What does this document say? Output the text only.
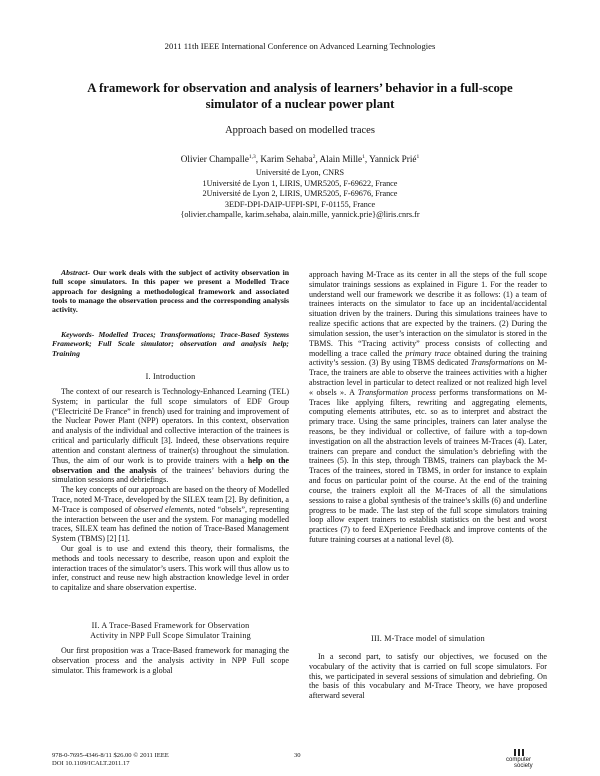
2011 11th IEEE International Conference on Advanced Learning Technologies
A framework for observation and analysis of learners’ behavior in a full-scope
simulator of a nuclear power plant
Approach based on modelled traces
Olivier Champalle$^{1,3}$, Karim Sehaba$^2$, Alain Mille$^1$, Yannick Prié$^1$
Université de Lyon, CNRS
1Université de Lyon 1, LIRIS, UMR5205, F-69622, France
2Université de Lyon 2, LIRIS, UMR5205, F-69676, France
3EDF-DPI-DAIP-UFPI-SPI, F-01155, France
{olivier.champalle, karim.sehaba, alain.mille, yannick.prie}@liris.cnrs.fr

Abstract- Our work deals with the subject of activity observation in full scope simulators. In this paper we present a Modelled Trace approach for designing a methodological framework and associated tools to manage the observation process and the corresponding analysis activity.

Keywords- Modelled Traces; Transformations; Trace-Based Systems Framework; Full Scale simulator; observation and analysis help; Training

I. Introduction

The context of our research is Technology-Enhanced Learning (TEL) System; in particular the full scope simulators of EDF Group (“Electricité De France” in french) used for training and improvement of the Nuclear Power Plant (NPP) operators. In this context, observation and analysis of the individual and collective interaction of the trainees is critical and particularly difficult [3]. Indeed, these observations require attention and constant alertness of trainer(s) throughout the simulation. Thus, the aim of our work is to provide trainers with a help on the observation and the analysis of the trainees’ behaviors during the simulation sessions and debriefings.

The key concepts of our approach are based on the theory of Modelled Trace, noted M-Trace, developed by the SILEX team [2]. By definition, a M-Trace is composed of observed elements, noted “obsels”, representing the interaction between the user and the system. For managing modelled traces, SILEX team has defined the notion of Trace-Based Management System (TBMS) [2] [1].

Our goal is to use and extend this theory, their formalisms, the methods and tools necessary to describe, reason upon and exploit the interaction traces of the simulator’s users. This work will thus allow us to infer, construct and reuse new high abstraction knowledge level in order to capitalize and share observation expertise.

II. A Trace-Based Framework for Observation
Activity in NPP Full Scope Simulator Training

Our first proposition was a Trace-Based framework for managing the observation process and the analysis activity in NPP Full scope simulator. This framework is a global

approach having M-Trace as its center in all the steps of the full scope simulator trainings sessions as explained in Figure 1. For the reader to understand well our framework we describe it as follows: (1) a team of trainees interacts on the simulator to face up an incidental/accidental situation driven by the trainers. During this simulations trainees have to realize specific actions that are expected by the trainers. (2) During the simulation session, the user’s interaction on the simulator is stored in the TBMS. This “Tracing activity” process consists of collecting and modelling a trace called the primary trace obtained during the training activity’s session. (3) By using TBMS dedicated Transformations on M-Trace, the trainers are able to observe the trainees activities with a higher abstraction level in particular to detect realized or not realized high level « obsels ». A Transformation process performs transformations on M-Traces like applying filters, rewriting and aggregating elements, computing elements attributes, etc. so as to interpret and abstract the primary trace. Using the same principles, trainers can later analyse the reasons, be they individual or collective, of failure with a top-down investigation on all the abstraction levels of trainees M-Traces (4). Later, trainers can prepare and conduct the simulation’s debriefing with the trainees (5). In this step, through TBMS, trainers can playback the M-Traces of the trainees, stored in TBMS, in order for instance to explain and focus on particular point of the course. At the end of the training course, the trainers exploit all the M-Traces of all the simulations sessions to raise a global synthesis of the trainee’s skills (6) and underline progress to be made. The last step of the full scope simulators training loop allow expert trainers to establish statistics on the best and worst practices (7) to feed EXperience Feedback and improve contents of the future training courses at a national level (8).

III. M-Trace model of simulation

In a second part, to satisfy our objectives, we focused on the vocabulary of the activity that is carried on full scope simulators. For this, we participated in several sessions of simulation and debriefing. On the basis of this vocabulary and M-Trace Theory, we have proposed afterward several

978-0-7695-4346-8/11 $26.00 © 2011 IEEE
DOI 10.1109/ICALT.2011.17
30
computer
society
